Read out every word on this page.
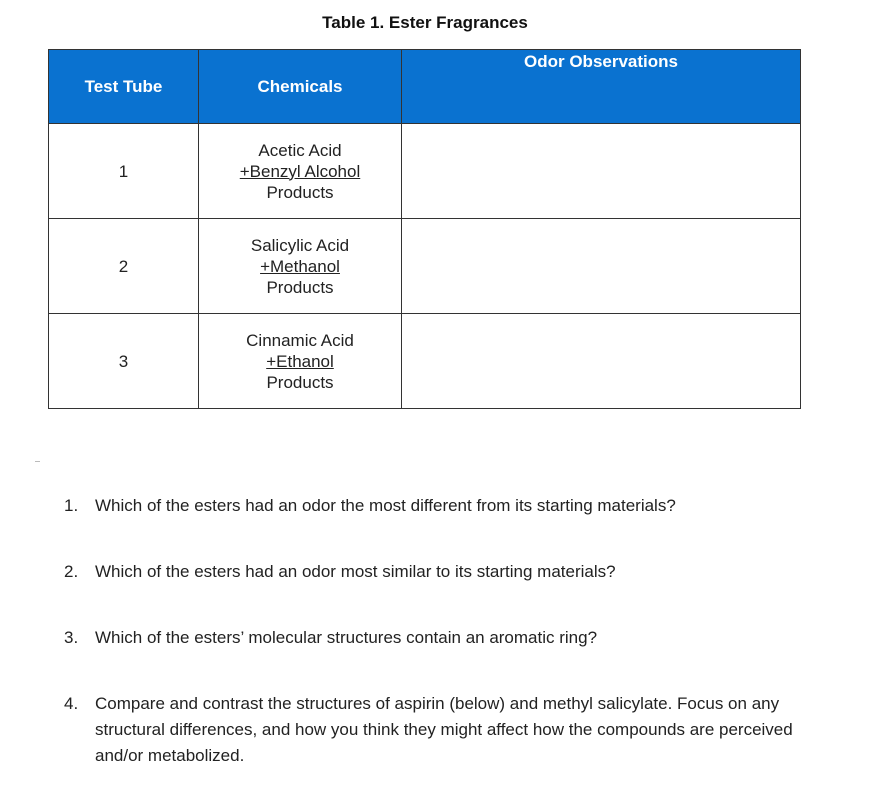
Table 1. Ester Fragrances
Test Tube	Chemicals	Odor Observations
1	Acetic Acid
+Benzyl Alcohol
Products	

2	Salicylic Acid
+Methanol
Products	

3	Cinnamic Acid
+Ethanol
Products	

1. Which of the esters had an odor the most different from its starting materials?
2. Which of the esters had an odor most similar to its starting materials?
3. Which of the esters’ molecular structures contain an aromatic ring?
4. Compare and contrast the structures of aspirin (below) and methyl salicylate. Focus on any structural differences, and how you think they might affect how the compounds are perceived and/or metabolized.
